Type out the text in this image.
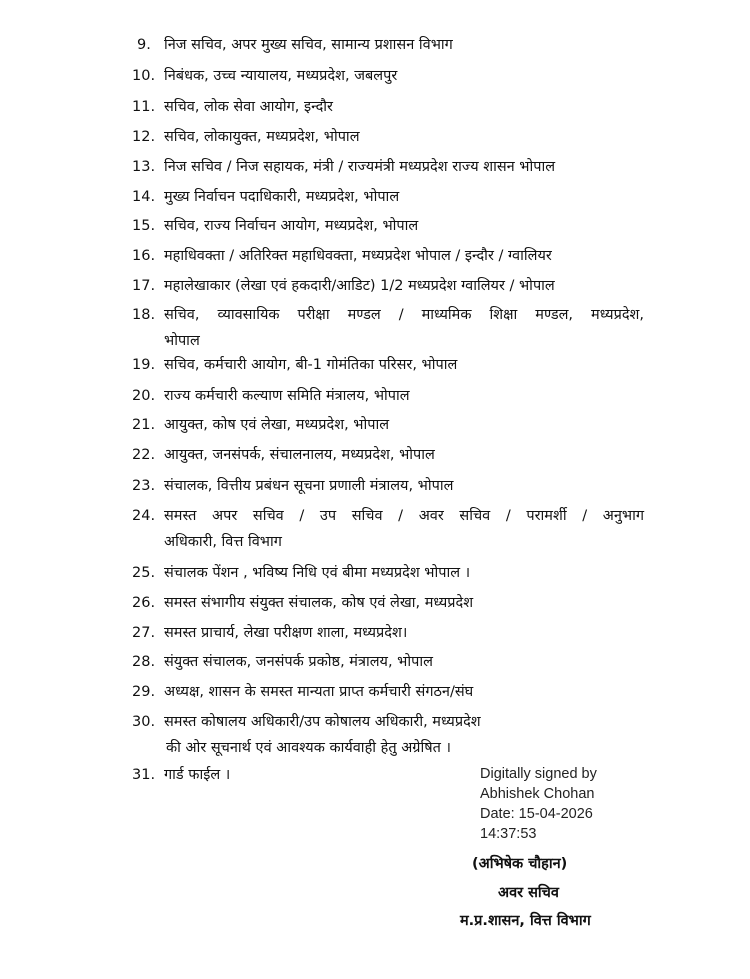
9. निज सचिव, अपर मुख्य सचिव, सामान्य प्रशासन विभाग
10. निबंधक, उच्च न्यायालय, मध्यप्रदेश, जबलपुर
11. सचिव, लोक सेवा आयोग, इन्दौर
12. सचिव, लोकायुक्त, मध्यप्रदेश, भोपाल
13. निज सचिव / निज सहायक, मंत्री / राज्यमंत्री मध्यप्रदेश राज्य शासन भोपाल
14. मुख्य निर्वाचन पदाधिकारी, मध्यप्रदेश, भोपाल
15. सचिव, राज्य निर्वाचन आयोग, मध्यप्रदेश, भोपाल
16. महाधिवक्ता / अतिरिक्त महाधिवक्ता, मध्यप्रदेश भोपाल / इन्दौर / ग्वालियर
17. महालेखाकार (लेखा एवं हकदारी/आडिट) 1/2 मध्यप्रदेश ग्वालियर / भोपाल
18. सचिव, व्यावसायिक परीक्षा मण्डल / माध्यमिक शिक्षा मण्डल, मध्यप्रदेश,
भोपाल
19. सचिव, कर्मचारी आयोग, बी-1 गोमंतिका परिसर, भोपाल
20. राज्य कर्मचारी कल्याण समिति मंत्रालय, भोपाल
21. आयुक्त, कोष एवं लेखा, मध्यप्रदेश, भोपाल
22. आयुक्त, जनसंपर्क, संचालनालय, मध्यप्रदेश, भोपाल
23. संचालक, वित्तीय प्रबंधन सूचना प्रणाली मंत्रालय, भोपाल
24. समस्त अपर सचिव / उप सचिव / अवर सचिव / परामर्शी / अनुभाग
अधिकारी, वित्त विभाग
25. संचालक पेंशन , भविष्य निधि एवं बीमा मध्यप्रदेश भोपाल ।
26. समस्त संभागीय संयुक्त संचालक, कोष एवं लेखा, मध्यप्रदेश
27. समस्त प्राचार्य, लेखा परीक्षण शाला, मध्यप्रदेश।
28. संयुक्त संचालक, जनसंपर्क प्रकोष्ठ, मंत्रालय, भोपाल
29. अध्यक्ष, शासन के समस्त मान्यता प्राप्त कर्मचारी संगठन/संघ
30. समस्त कोषालय अधिकारी/उप कोषालय अधिकारी, मध्यप्रदेश
की ओर सूचनार्थ एवं आवश्यक कार्यवाही हेतु अग्रेषित ।
31. गार्ड फाईल ।	Digitally signed by
Abhishek Chohan
Date: 15-04-2026
14:37:53
(अभिषेक चौहान)
अवर सचिव
म.प्र.शासन, वित्त विभाग
